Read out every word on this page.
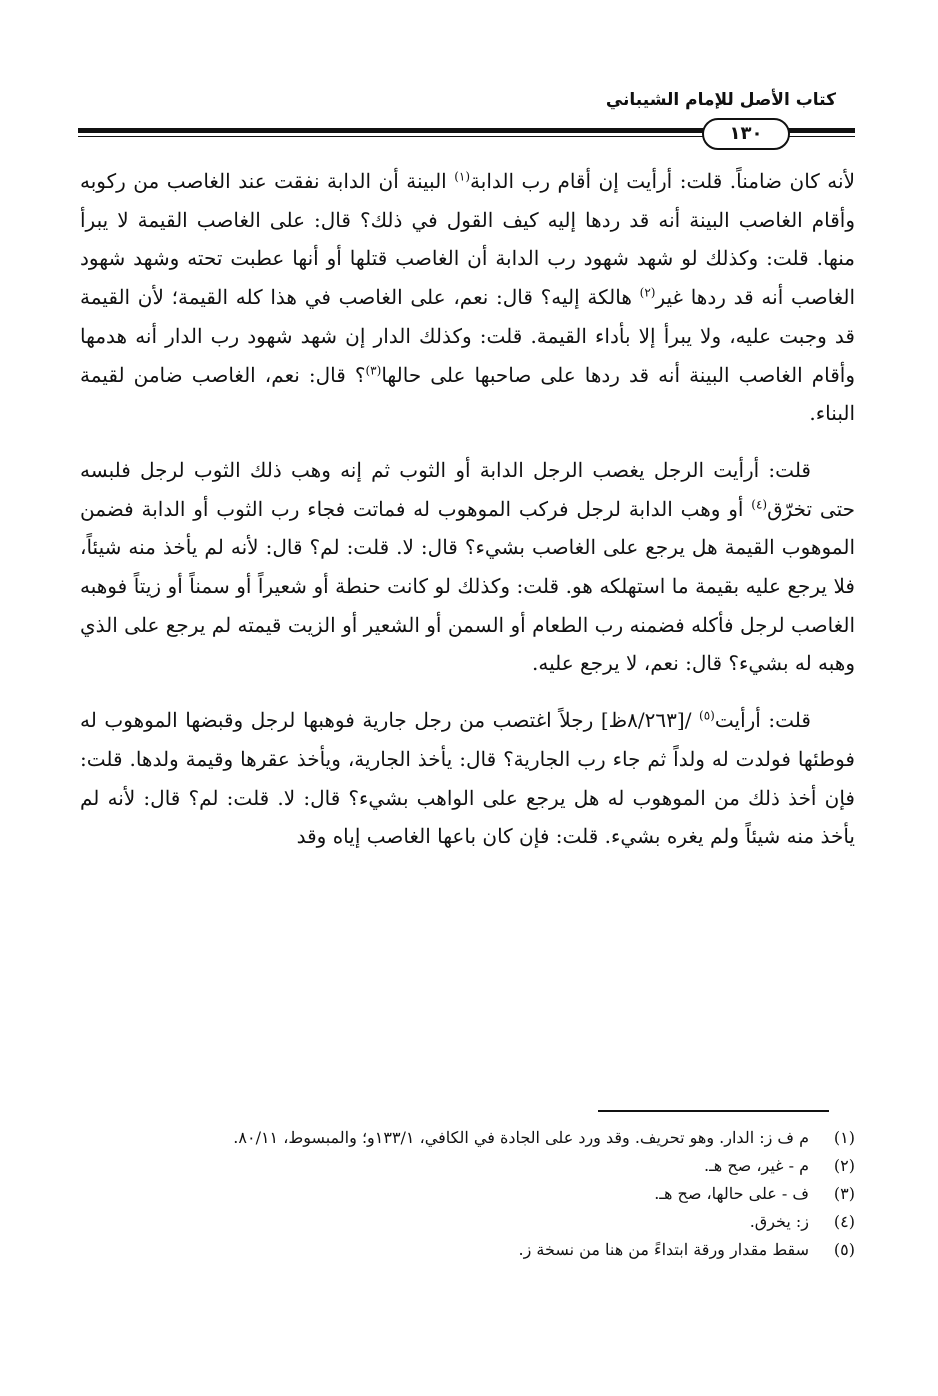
كتاب الأصل للإمام الشيباني
١٣٠

لأنه كان ضامناً. قلت: أرأيت إن أقام رب الدابة$^{(١)}$ البينة أن الدابة نفقت عند الغاصب من ركوبه وأقام الغاصب البينة أنه قد ردها إليه كيف القول في ذلك؟ قال: على الغاصب القيمة لا يبرأ منها. قلت: وكذلك لو شهد شهود رب الدابة أن الغاصب قتلها أو أنها عطبت تحته وشهد شهود الغاصب أنه قد ردها غير$^{(٢)}$ هالكة إليه؟ قال: نعم، على الغاصب في هذا كله القيمة؛ لأن القيمة قد وجبت عليه، ولا يبرأ إلا بأداء القيمة. قلت: وكذلك الدار إن شهد شهود رب الدار أنه هدمها وأقام الغاصب البينة أنه قد ردها على صاحبها على حالها$^{(٣)}$؟ قال: نعم، الغاصب ضامن لقيمة البناء.

قلت: أرأيت الرجل يغصب الرجل الدابة أو الثوب ثم إنه وهب ذلك الثوب لرجل فلبسه حتى تخرّق$^{(٤)}$ أو وهب الدابة لرجل فركب الموهوب له فماتت فجاء رب الثوب أو الدابة فضمن الموهوب القيمة هل يرجع على الغاصب بشيء؟ قال: لا. قلت: لم؟ قال: لأنه لم يأخذ منه شيئاً، فلا يرجع عليه بقيمة ما استهلكه هو. قلت: وكذلك لو كانت حنطة أو شعيراً أو سمناً أو زيتاً فوهبه الغاصب لرجل فأكله فضمنه رب الطعام أو السمن أو الشعير أو الزيت قيمته لم يرجع على الذي وهبه له بشيء؟ قال: نعم، لا يرجع عليه.

قلت: أرأيت$^{(٥)}$ /[٨/٢٦٣ظ] رجلاً اغتصب من رجل جارية فوهبها لرجل وقبضها الموهوب له فوطئها فولدت له ولداً ثم جاء رب الجارية؟ قال: يأخذ الجارية، ويأخذ عقرها وقيمة ولدها. قلت: فإن أخذ ذلك من الموهوب له هل يرجع على الواهب بشيء؟ قال: لا. قلت: لم؟ قال: لأنه لم يأخذ منه شيئاً ولم يغره بشيء. قلت: فإن كان باعها الغاصب إياه وقد

(١)
م ف ز: الدار. وهو تحريف. وقد ورد على الجادة في الكافي، ١٣٣/١و؛ والمبسوط، ٨٠/١١.
(٢)
م - غير، صح هـ.
(٣)
ف - على حالها، صح هـ.
(٤)
ز: يخرق.
(٥)
سقط مقدار ورقة ابتداءً من هنا من نسخة ز.
